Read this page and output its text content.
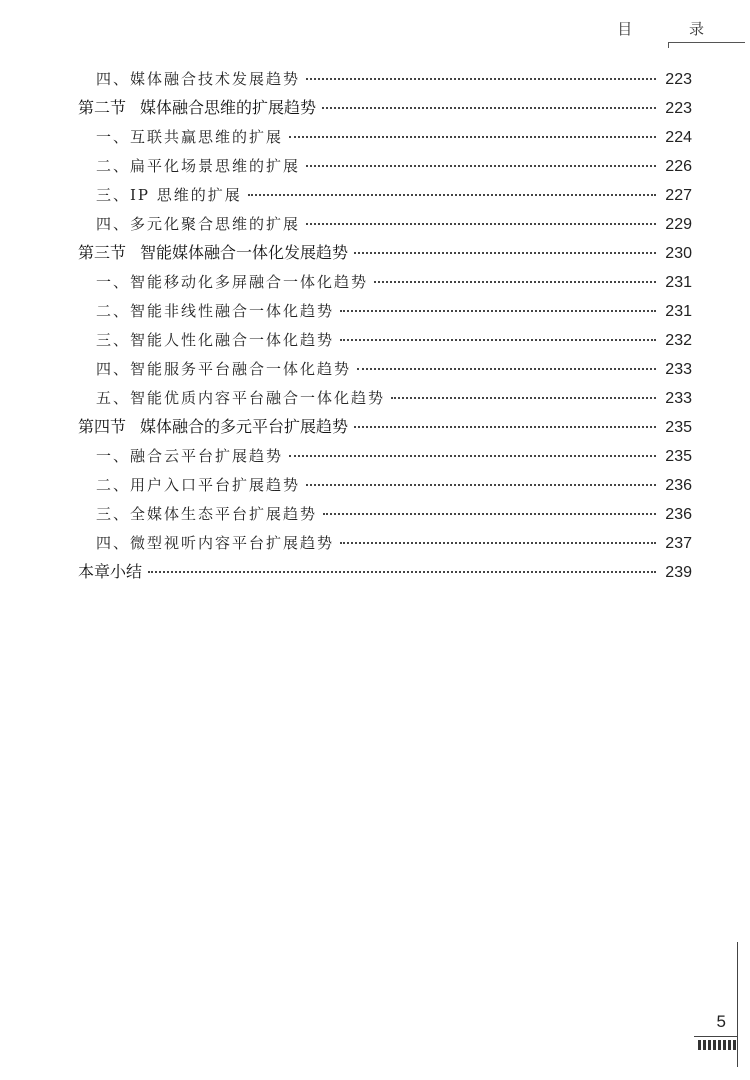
目 录
四、媒体融合技术发展趋势	223
第二节 媒体融合思维的扩展趋势	223
一、互联共赢思维的扩展	224
二、扁平化场景思维的扩展	226
三、IP 思维的扩展	227
四、多元化聚合思维的扩展	229
第三节 智能媒体融合一体化发展趋势	230
一、智能移动化多屏融合一体化趋势	231
二、智能非线性融合一体化趋势	231
三、智能人性化融合一体化趋势	232
四、智能服务平台融合一体化趋势	233
五、智能优质内容平台融合一体化趋势	233
第四节 媒体融合的多元平台扩展趋势	235
一、融合云平台扩展趋势	235
二、用户入口平台扩展趋势	236
三、全媒体生态平台扩展趋势	236
四、微型视听内容平台扩展趋势	237
本章小结	239
5
